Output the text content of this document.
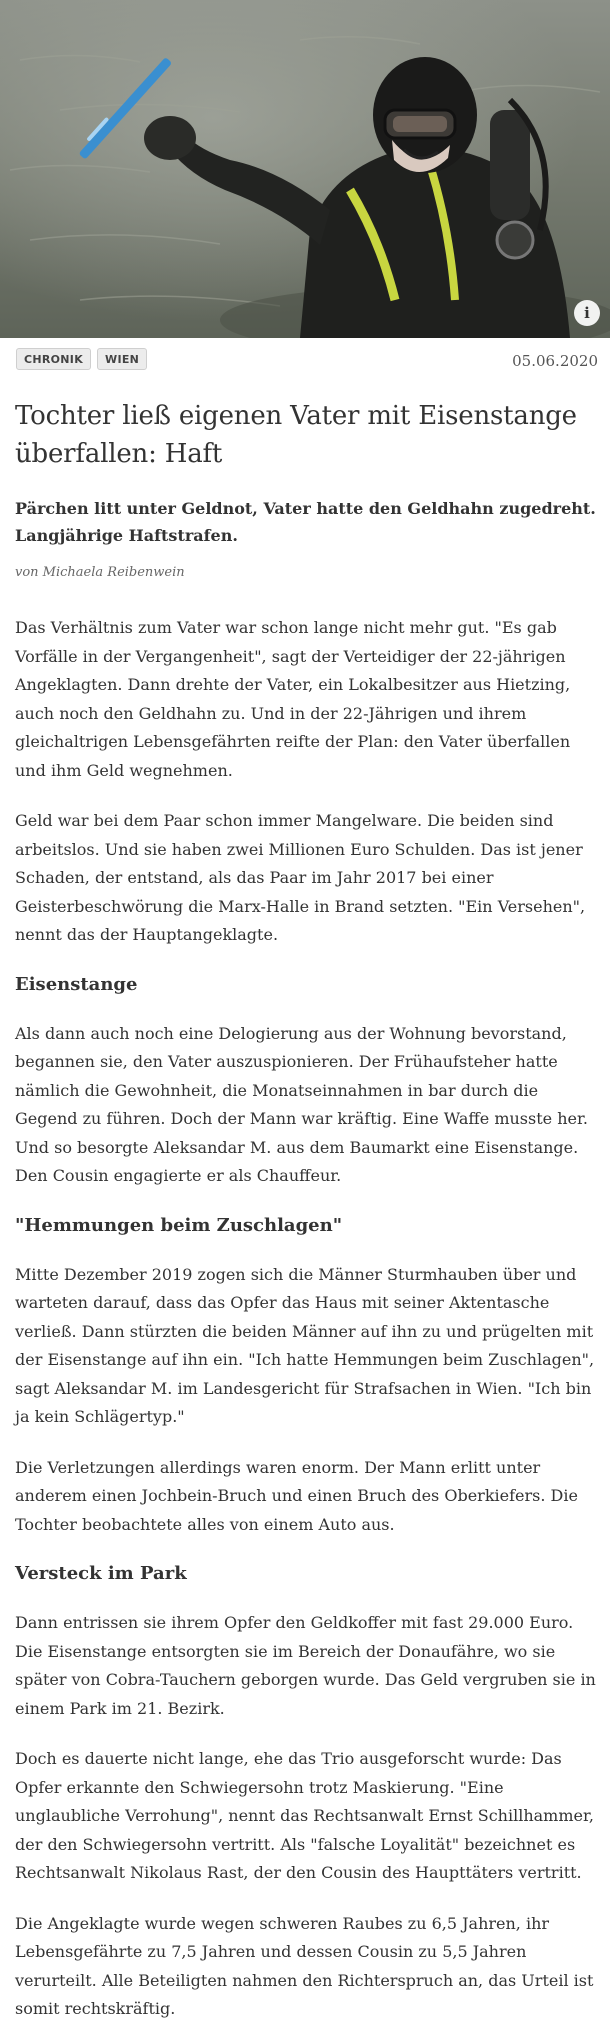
i
CHRONIK	WIEN	05.06.2020
Tochter ließ eigenen Vater mit Eisenstange überfallen: Haft

Pärchen litt unter Geldnot, Vater hatte den Geldhahn zugedreht. Langjährige Haftstrafen.

von Michaela Reibenwein

Das Verhältnis zum Vater war schon lange nicht mehr gut. "Es gab Vorfälle in der Vergangenheit", sagt der Verteidiger der 22-jährigen Angeklagten. Dann drehte der Vater, ein Lokalbesitzer aus Hietzing, auch noch den Geldhahn zu. Und in der 22-Jährigen und ihrem gleichaltrigen Lebensgefährten reifte der Plan: den Vater überfallen und ihm Geld wegnehmen.

Geld war bei dem Paar schon immer Mangelware. Die beiden sind arbeitslos. Und sie haben zwei Millionen Euro Schulden. Das ist jener Schaden, der entstand, als das Paar im Jahr 2017 bei einer Geisterbeschwörung die Marx-Halle in Brand setzten. "Ein Versehen", nennt das der Hauptangeklagte.

Eisenstange

Als dann auch noch eine Delogierung aus der Wohnung bevorstand, begannen sie, den Vater auszuspionieren. Der Frühaufsteher hatte nämlich die Gewohnheit, die Monatseinnahmen in bar durch die Gegend zu führen. Doch der Mann war kräftig. Eine Waffe musste her. Und so besorgte Aleksandar M. aus dem Baumarkt eine Eisenstange. Den Cousin engagierte er als Chauffeur.

"Hemmungen beim Zuschlagen"

Mitte Dezember 2019 zogen sich die Männer Sturmhauben über und warteten darauf, dass das Opfer das Haus mit seiner Aktentasche verließ. Dann stürzten die beiden Männer auf ihn zu und prügelten mit der Eisenstange auf ihn ein. "Ich hatte Hemmungen beim Zuschlagen", sagt Aleksandar M. im Landesgericht für Strafsachen in Wien. "Ich bin ja kein Schlägertyp."

Die Verletzungen allerdings waren enorm. Der Mann erlitt unter anderem einen Jochbein-Bruch und einen Bruch des Oberkiefers. Die Tochter beobachtete alles von einem Auto aus.

Versteck im Park

Dann entrissen sie ihrem Opfer den Geldkoffer mit fast 29.000 Euro. Die Eisenstange entsorgten sie im Bereich der Donaufähre, wo sie später von Cobra-Tauchern geborgen wurde. Das Geld vergruben sie in einem Park im 21. Bezirk.

Doch es dauerte nicht lange, ehe das Trio ausgeforscht wurde: Das Opfer erkannte den Schwiegersohn trotz Maskierung. "Eine unglaubliche Verrohung", nennt das Rechtsanwalt Ernst Schillhammer, der den Schwiegersohn vertritt. Als "falsche Loyalität" bezeichnet es Rechtsanwalt Nikolaus Rast, der den Cousin des Haupttäters vertritt.

Die Angeklagte wurde wegen schweren Raubes zu 6,5 Jahren, ihr Lebensgefährte zu 7,5 Jahren und dessen Cousin zu 5,5 Jahren verurteilt. Alle Beteiligten nahmen den Richterspruch an, das Urteil ist somit rechtskräftig.
